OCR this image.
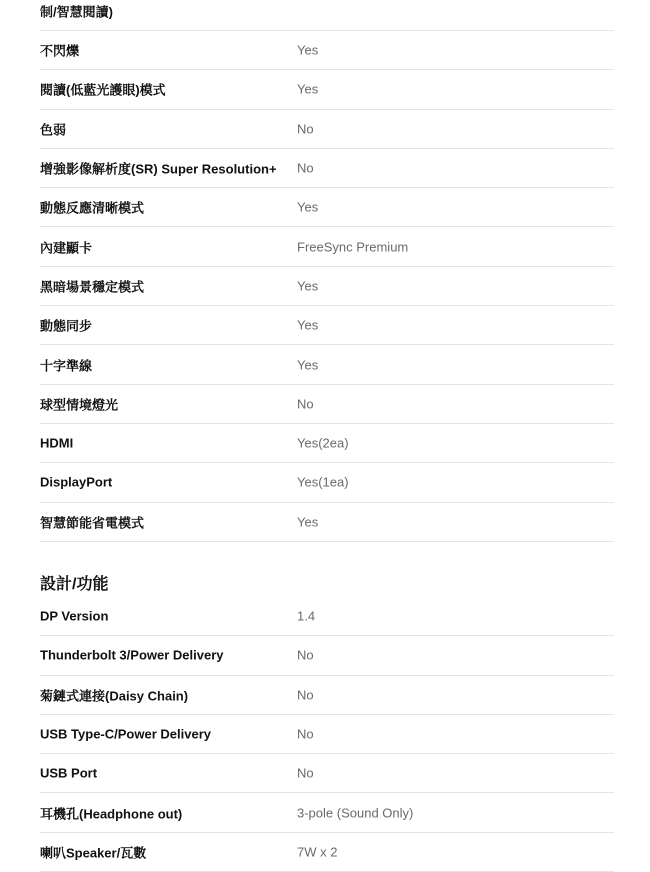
制/智慧閱讀)
不閃爍	Yes
閱讀(低藍光護眼)模式	Yes
色弱	No
增強影像解析度(SR) Super Resolution+ No
動態反應清晰模式	Yes
內建顯卡	FreeSync Premium
黑暗場景穩定模式	Yes
動態同步	Yes
十字準線	Yes
球型情境燈光	No
HDMI	Yes(2ea)
DisplayPort	Yes(1ea)
智慧節能省電模式	Yes
設計/功能
DP Version	1.4
Thunderbolt 3/Power Delivery	No
菊鏈式連接(Daisy Chain)	No
USB Type-C/Power Delivery	No
USB Port	No
耳機孔(Headphone out)	3-pole (Sound Only)
喇叭Speaker/瓦數	7W x 2
